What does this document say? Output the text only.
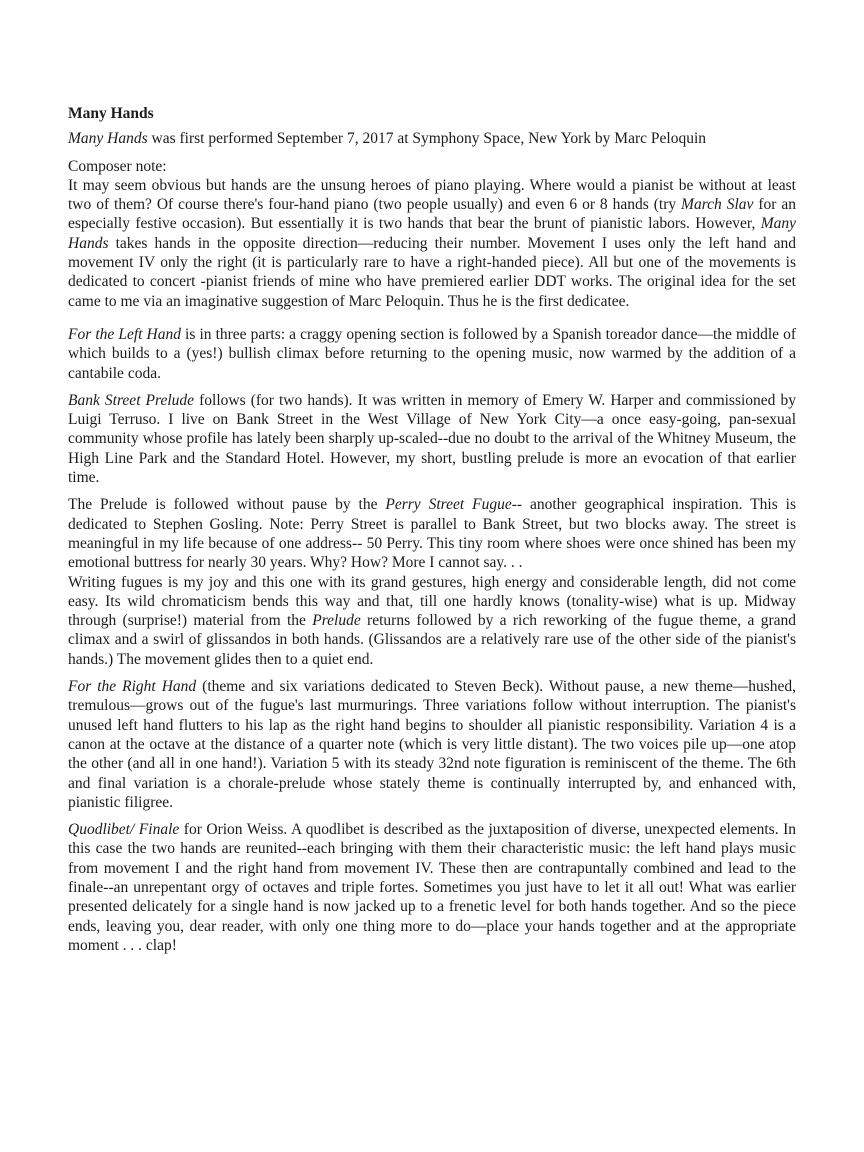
Many Hands

Many Hands was first performed September 7, 2017 at Symphony Space, New York by Marc Peloquin

Composer note:
It may seem obvious but hands are the unsung heroes of piano playing. Where would a pianist be without at least two of them? Of course there's four-hand piano (two people usually) and even 6 or 8 hands (try March Slav for an especially festive occasion). But essentially it is two hands that bear the brunt of pianistic labors. However, Many Hands takes hands in the opposite direction—reducing their number. Movement I uses only the left hand and movement IV only the right (it is particularly rare to have a right-handed piece). All but one of the movements is dedicated to concert -pianist friends of mine who have premiered earlier DDT works. The original idea for the set came to me via an imaginative suggestion of Marc Peloquin. Thus he is the first dedicatee.

For the Left Hand is in three parts: a craggy opening section is followed by a Spanish toreador dance—the middle of which builds to a (yes!) bullish climax before returning to the opening music, now warmed by the addition of a cantabile coda.

Bank Street Prelude follows (for two hands). It was written in memory of Emery W. Harper and commissioned by Luigi Terruso. I live on Bank Street in the West Village of New York City—a once easy-going, pan-sexual community whose profile has lately been sharply up-scaled--due no doubt to the arrival of the Whitney Museum, the High Line Park and the Standard Hotel. However, my short, bustling prelude is more an evocation of that earlier time.

The Prelude is followed without pause by the Perry Street Fugue-- another geographical inspiration. This is dedicated to Stephen Gosling. Note: Perry Street is parallel to Bank Street, but two blocks away. The street is meaningful in my life because of one address-- 50 Perry. This tiny room where shoes were once shined has been my emotional buttress for nearly 30 years. Why? How? More I cannot say. . .
Writing fugues is my joy and this one with its grand gestures, high energy and considerable length, did not come easy. Its wild chromaticism bends this way and that, till one hardly knows (tonality-wise) what is up. Midway through (surprise!) material from the Prelude returns followed by a rich reworking of the fugue theme, a grand climax and a swirl of glissandos in both hands. (Glissandos are a relatively rare use of the other side of the pianist's hands.) The movement glides then to a quiet end.

For the Right Hand (theme and six variations dedicated to Steven Beck). Without pause, a new theme—hushed, tremulous—grows out of the fugue's last murmurings. Three variations follow without interruption. The pianist's unused left hand flutters to his lap as the right hand begins to shoulder all pianistic responsibility. Variation 4 is a canon at the octave at the distance of a quarter note (which is very little distant). The two voices pile up—one atop the other (and all in one hand!). Variation 5 with its steady 32nd note figuration is reminiscent of the theme. The 6th and final variation is a chorale-prelude whose stately theme is continually interrupted by, and enhanced with, pianistic filigree.

Quodlibet/ Finale for Orion Weiss. A quodlibet is described as the juxtaposition of diverse, unexpected elements. In this case the two hands are reunited--each bringing with them their characteristic music: the left hand plays music from movement I and the right hand from movement IV. These then are contrapuntally combined and lead to the finale--an unrepentant orgy of octaves and triple fortes. Sometimes you just have to let it all out! What was earlier presented delicately for a single hand is now jacked up to a frenetic level for both hands together. And so the piece ends, leaving you, dear reader, with only one thing more to do—place your hands together and at the appropriate moment . . . clap!
